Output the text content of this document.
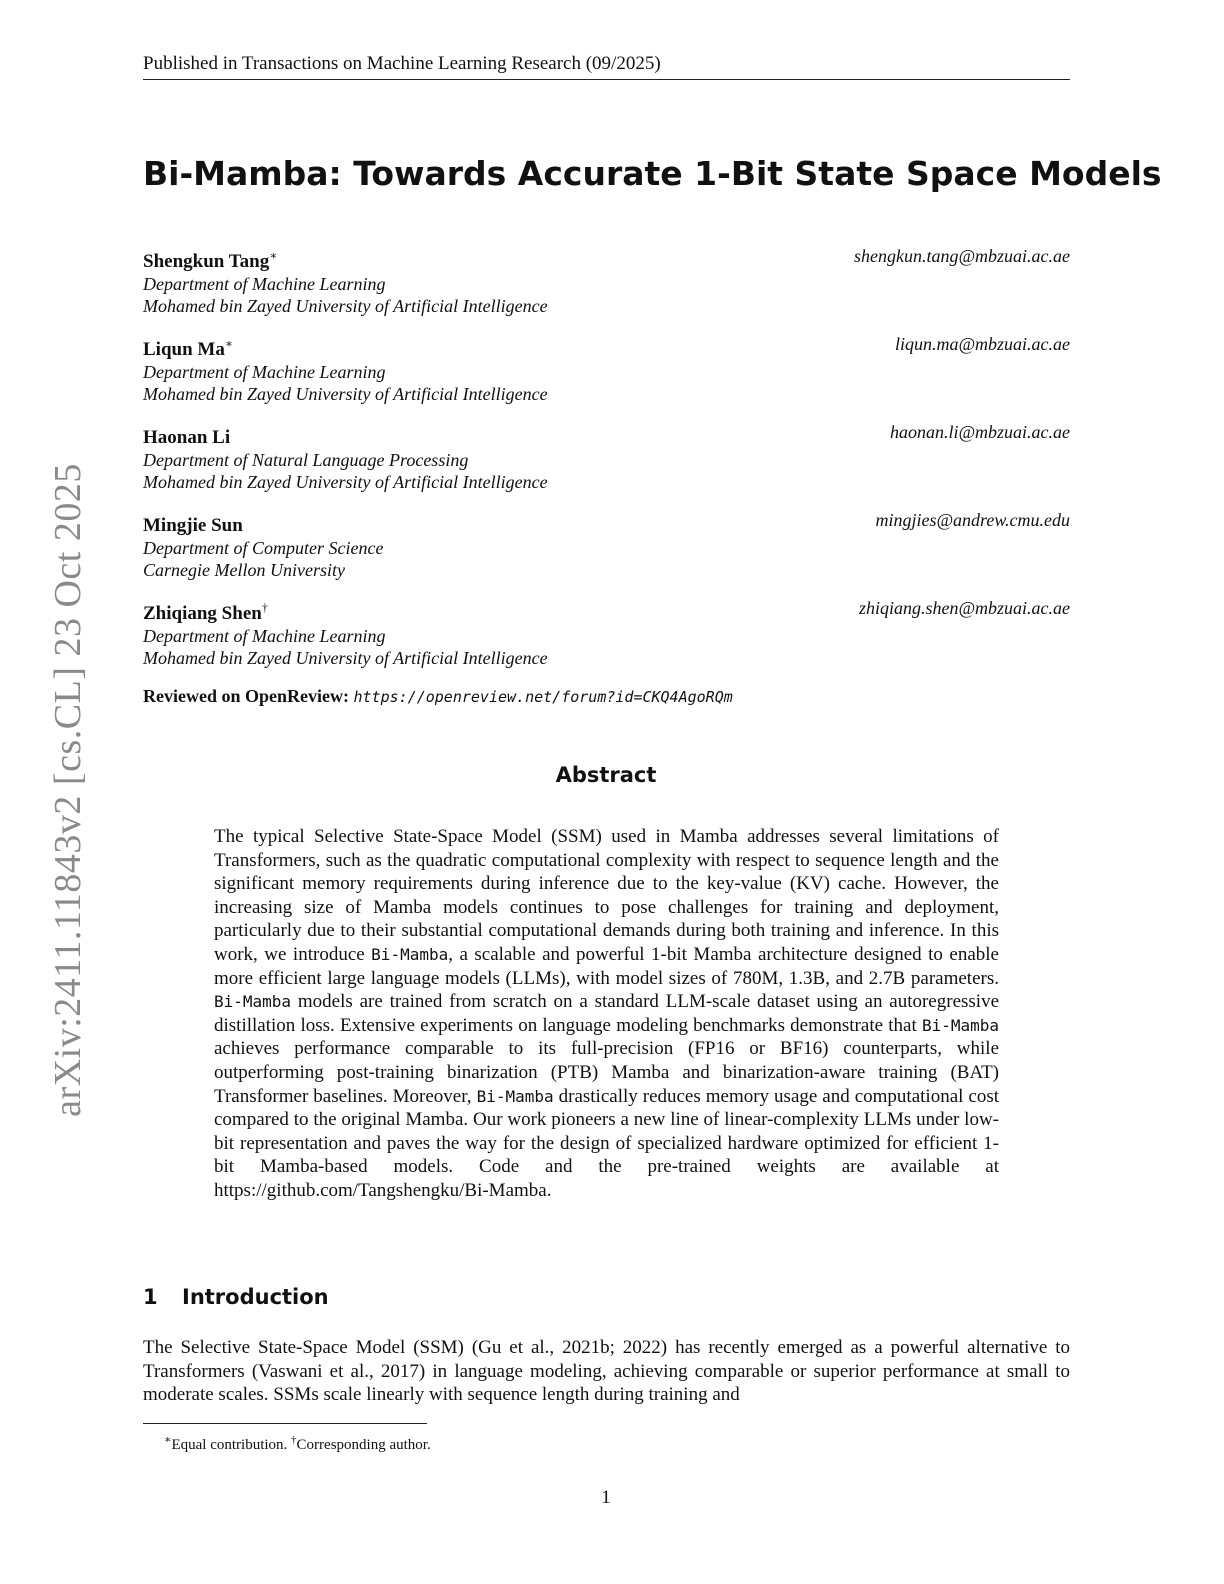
Published in Transactions on Machine Learning Research (09/2025)
arXiv:2411.11843v2 [cs.CL] 23 Oct 2025
Bi-Mamba: Towards Accurate 1-Bit State Space Models
Shengkun Tang∗	shengkun.tang@mbzuai.ac.ae
Department of Machine Learning
Mohamed bin Zayed University of Artificial Intelligence
Liqun Ma∗	liqun.ma@mbzuai.ac.ae
Department of Machine Learning
Mohamed bin Zayed University of Artificial Intelligence
Haonan Li	haonan.li@mbzuai.ac.ae
Department of Natural Language Processing
Mohamed bin Zayed University of Artificial Intelligence
Mingjie Sun	mingjies@andrew.cmu.edu
Department of Computer Science
Carnegie Mellon University
Zhiqiang Shen†	zhiqiang.shen@mbzuai.ac.ae
Department of Machine Learning
Mohamed bin Zayed University of Artificial Intelligence
Reviewed on OpenReview: https://openreview.net/forum?id=CKQ4AgoRQm
Abstract
The typical Selective State-Space Model (SSM) used in Mamba addresses several limitations of Transformers, such as the quadratic computational complexity with respect to sequence length and the significant memory requirements during inference due to the key-value (KV) cache. However, the increasing size of Mamba models continues to pose challenges for training and deployment, particularly due to their substantial computational demands during both training and inference. In this work, we introduce Bi-Mamba, a scalable and powerful 1-bit Mamba architecture designed to enable more efficient large language models (LLMs), with model sizes of 780M, 1.3B, and 2.7B parameters. Bi-Mamba models are trained from scratch on a standard LLM-scale dataset using an autoregressive distillation loss. Extensive experiments on language modeling benchmarks demonstrate that Bi-Mamba achieves performance comparable to its full-precision (FP16 or BF16) counterparts, while outperforming post-training binarization (PTB) Mamba and binarization-aware training (BAT) Transformer baselines. Moreover, Bi-Mamba drastically reduces memory usage and computational cost compared to the original Mamba. Our work pioneers a new line of linear-complexity LLMs under low-bit representation and paves the way for the design of specialized hardware optimized for efficient 1-bit Mamba-based models. Code and the pre-trained weights are available at https://github.com/Tangshengku/Bi-Mamba.
1 Introduction
The Selective State-Space Model (SSM) (Gu et al., 2021b; 2022) has recently emerged as a powerful alternative to Transformers (Vaswani et al., 2017) in language modeling, achieving comparable or superior performance at small to moderate scales. SSMs scale linearly with sequence length during training and
∗Equal contribution. †Corresponding author.
1
